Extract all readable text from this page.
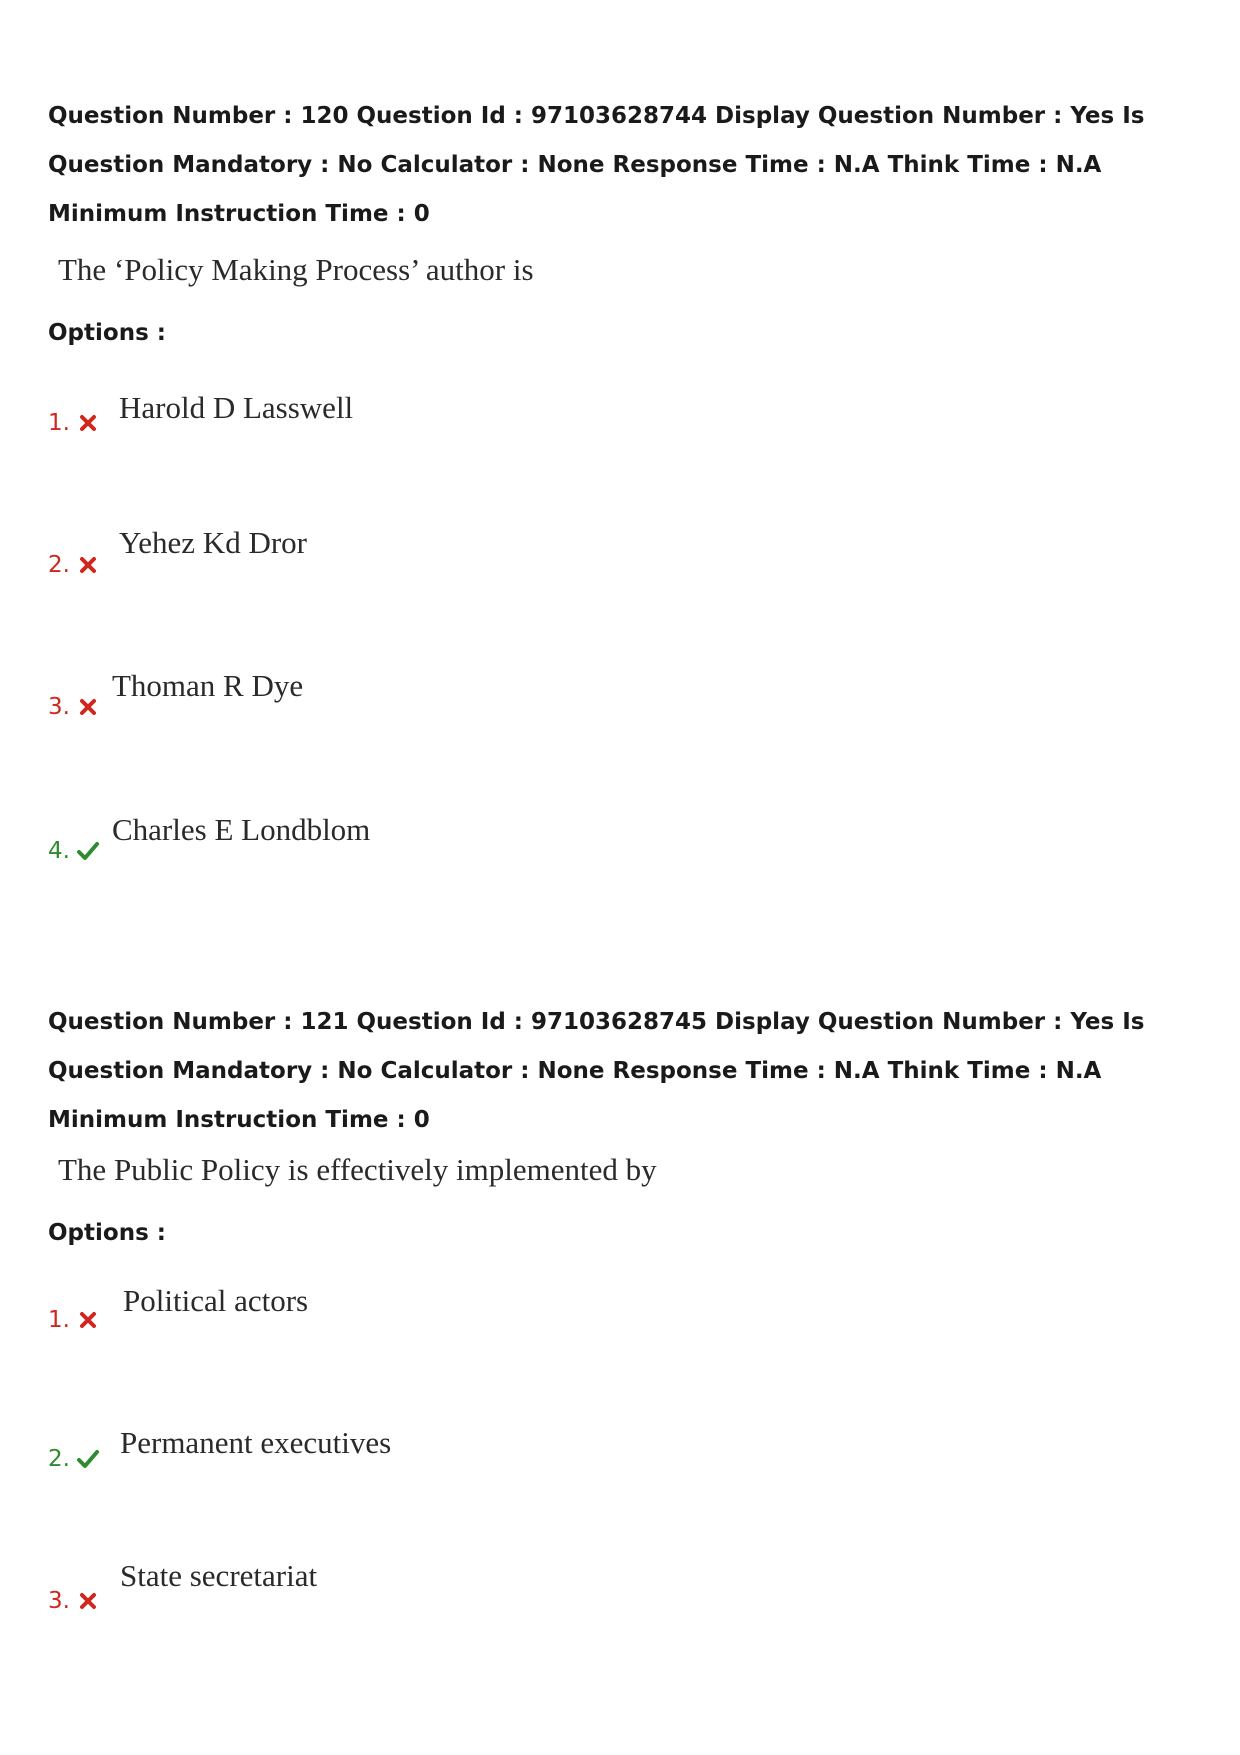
Question Number : 120 Question Id : 97103628744 Display Question Number : Yes Is Question Mandatory : No Calculator : None Response Time : N.A Think Time : N.A Minimum Instruction Time : 0

The ‘Policy Making Process’ author is
Options :
1. Harold D Lasswell
2.
Yehez Kd Dror
3.
Thoman R Dye
4.
Charles E Londblom

Question Number : 121 Question Id : 97103628745 Display Question Number : Yes Is Question Mandatory : No Calculator : None Response Time : N.A Think Time : N.A Minimum Instruction Time : 0

The Public Policy is effectively implemented by
Options :
1.
Political actors
2. Permanent executives
3.
State secretariat
